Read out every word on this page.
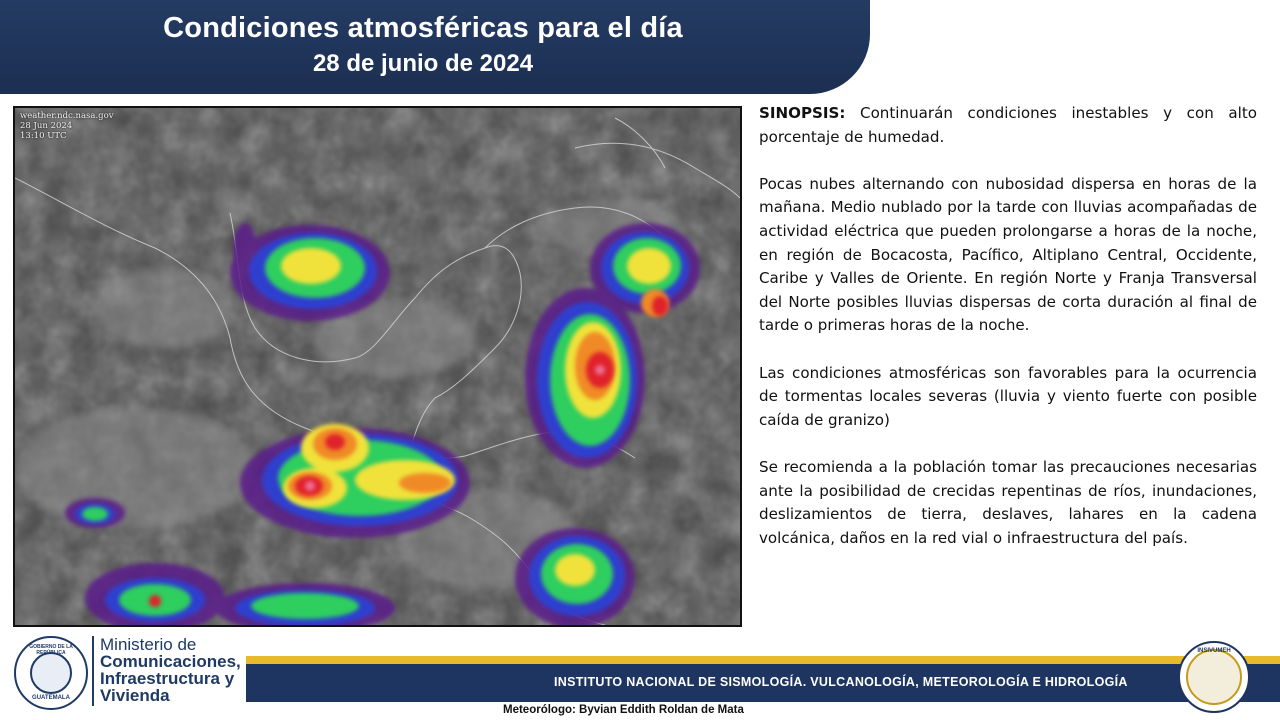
Condiciones atmosféricas para el día
28 de junio de 2024
weather.ndc.nasa.gov
28 Jun 2024
13:10 UTC

SINOPSIS: Continuarán condiciones inestables y con alto porcentaje de humedad.

Pocas nubes alternando con nubosidad dispersa en horas de la mañana. Medio nublado por la tarde con lluvias acompañadas de actividad eléctrica que pueden prolongarse a horas de la noche, en región de Bocacosta, Pacífico, Altiplano Central, Occidente, Caribe y Valles de Oriente. En región Norte y Franja Transversal del Norte posibles lluvias dispersas de corta duración al final de tarde o primeras horas de la noche.

Las condiciones atmosféricas son favorables para la ocurrencia de tormentas locales severas (lluvia y viento fuerte con posible caída de granizo)

Se recomienda a la población tomar las precauciones necesarias ante la posibilidad de crecidas repentinas de ríos, inundaciones, deslizamientos de tierra, deslaves, lahares en la cadena volcánica, daños en la red vial o infraestructura del país.

GOBIERNO DE LA REPÚBLICA
GUATEMALA
Ministerio de
Comunicaciones,
Infraestructura y
Vivienda
INSTITUTO NACIONAL DE SISMOLOGÍA. VULCANOLOGÍA, METEOROLOGÍA E HIDROLOGÍA
INSIVUMEH
Meteorólogo: Byvian Eddith Roldan de Mata
